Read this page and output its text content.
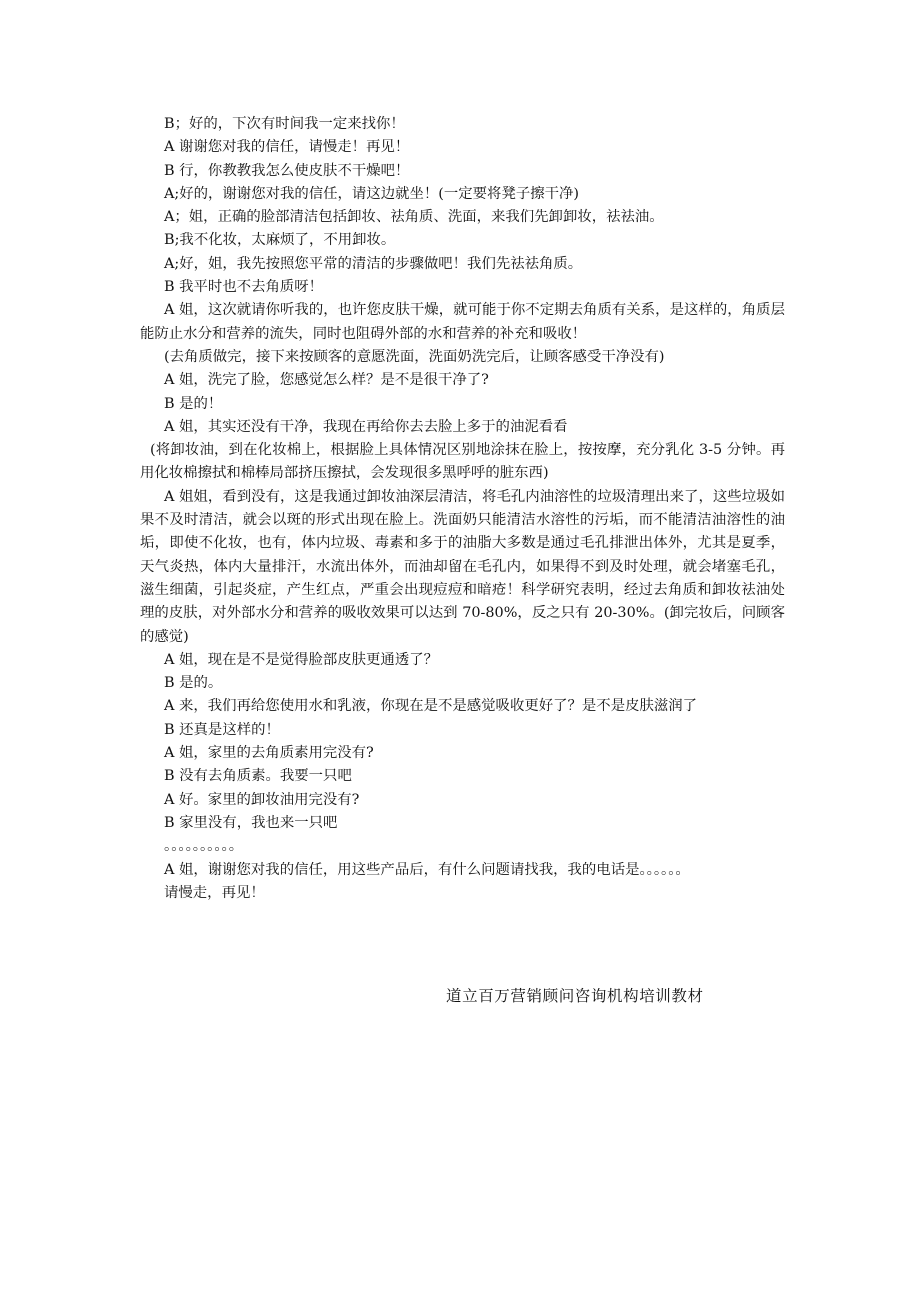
B；好的，下次有时间我一定来找你！
A 谢谢您对我的信任，请慢走！再见！
B 行，你教教我怎么使皮肤不干燥吧！
A;好的，谢谢您对我的信任，请这边就坐！(一定要将凳子擦干净)
A；姐，正确的脸部清洁包括卸妆、祛角质、洗面，来我们先卸卸妆，祛祛油。
B;我不化妆，太麻烦了，不用卸妆。
A;好，姐，我先按照您平常的清洁的步骤做吧！我们先祛祛角质。
B 我平时也不去角质呀！

A 姐，这次就请你听我的，也许您皮肤干燥，就可能于你不定期去角质有关系，是这样的，角质层能防止水分和营养的流失，同时也阻碍外部的水和营养的补充和吸收！

(去角质做完，接下来按顾客的意愿洗面，洗面奶洗完后，让顾客感受干净没有)
A 姐，洗完了脸，您感觉怎么样？是不是很干净了?
B 是的！
A 姐，其实还没有干净，我现在再给你去去脸上多于的油泥看看

(将卸妆油，到在化妆棉上，根据脸上具体情况区别地涂抹在脸上，按按摩，充分乳化 3-5 分钟。再用化妆棉擦拭和棉棒局部挤压擦拭，会发现很多黑呼呼的脏东西)

A 姐姐，看到没有，这是我通过卸妆油深层清洁，将毛孔内油溶性的垃圾清理出来了，这些垃圾如果不及时清洁，就会以斑的形式出现在脸上。洗面奶只能清洁水溶性的污垢，而不能清洁油溶性的油垢，即使不化妆，也有，体内垃圾、毒素和多于的油脂大多数是通过毛孔排泄出体外，尤其是夏季，天气炎热，体内大量排汗，水流出体外，而油却留在毛孔内，如果得不到及时处理，就会堵塞毛孔，滋生细菌，引起炎症，产生红点，严重会出现痘痘和暗疮！科学研究表明，经过去角质和卸妆祛油处理的皮肤，对外部水分和营养的吸收效果可以达到 70-80%，反之只有 20-30%。(卸完妆后，问顾客的感觉)

A 姐，现在是不是觉得脸部皮肤更通透了？
B 是的。
A 来，我们再给您使用水和乳液，你现在是不是感觉吸收更好了？是不是皮肤滋润了
B 还真是这样的！
A 姐，家里的去角质素用完没有?
B 没有去角质素。我要一只吧
A 好。家里的卸妆油用完没有?
B 家里没有，我也来一只吧
。。。。。。。。。。
A 姐，谢谢您对我的信任，用这些产品后，有什么问题请找我，我的电话是。。。。。。
请慢走，再见！
道立百万营销顾问咨询机构培训教材
